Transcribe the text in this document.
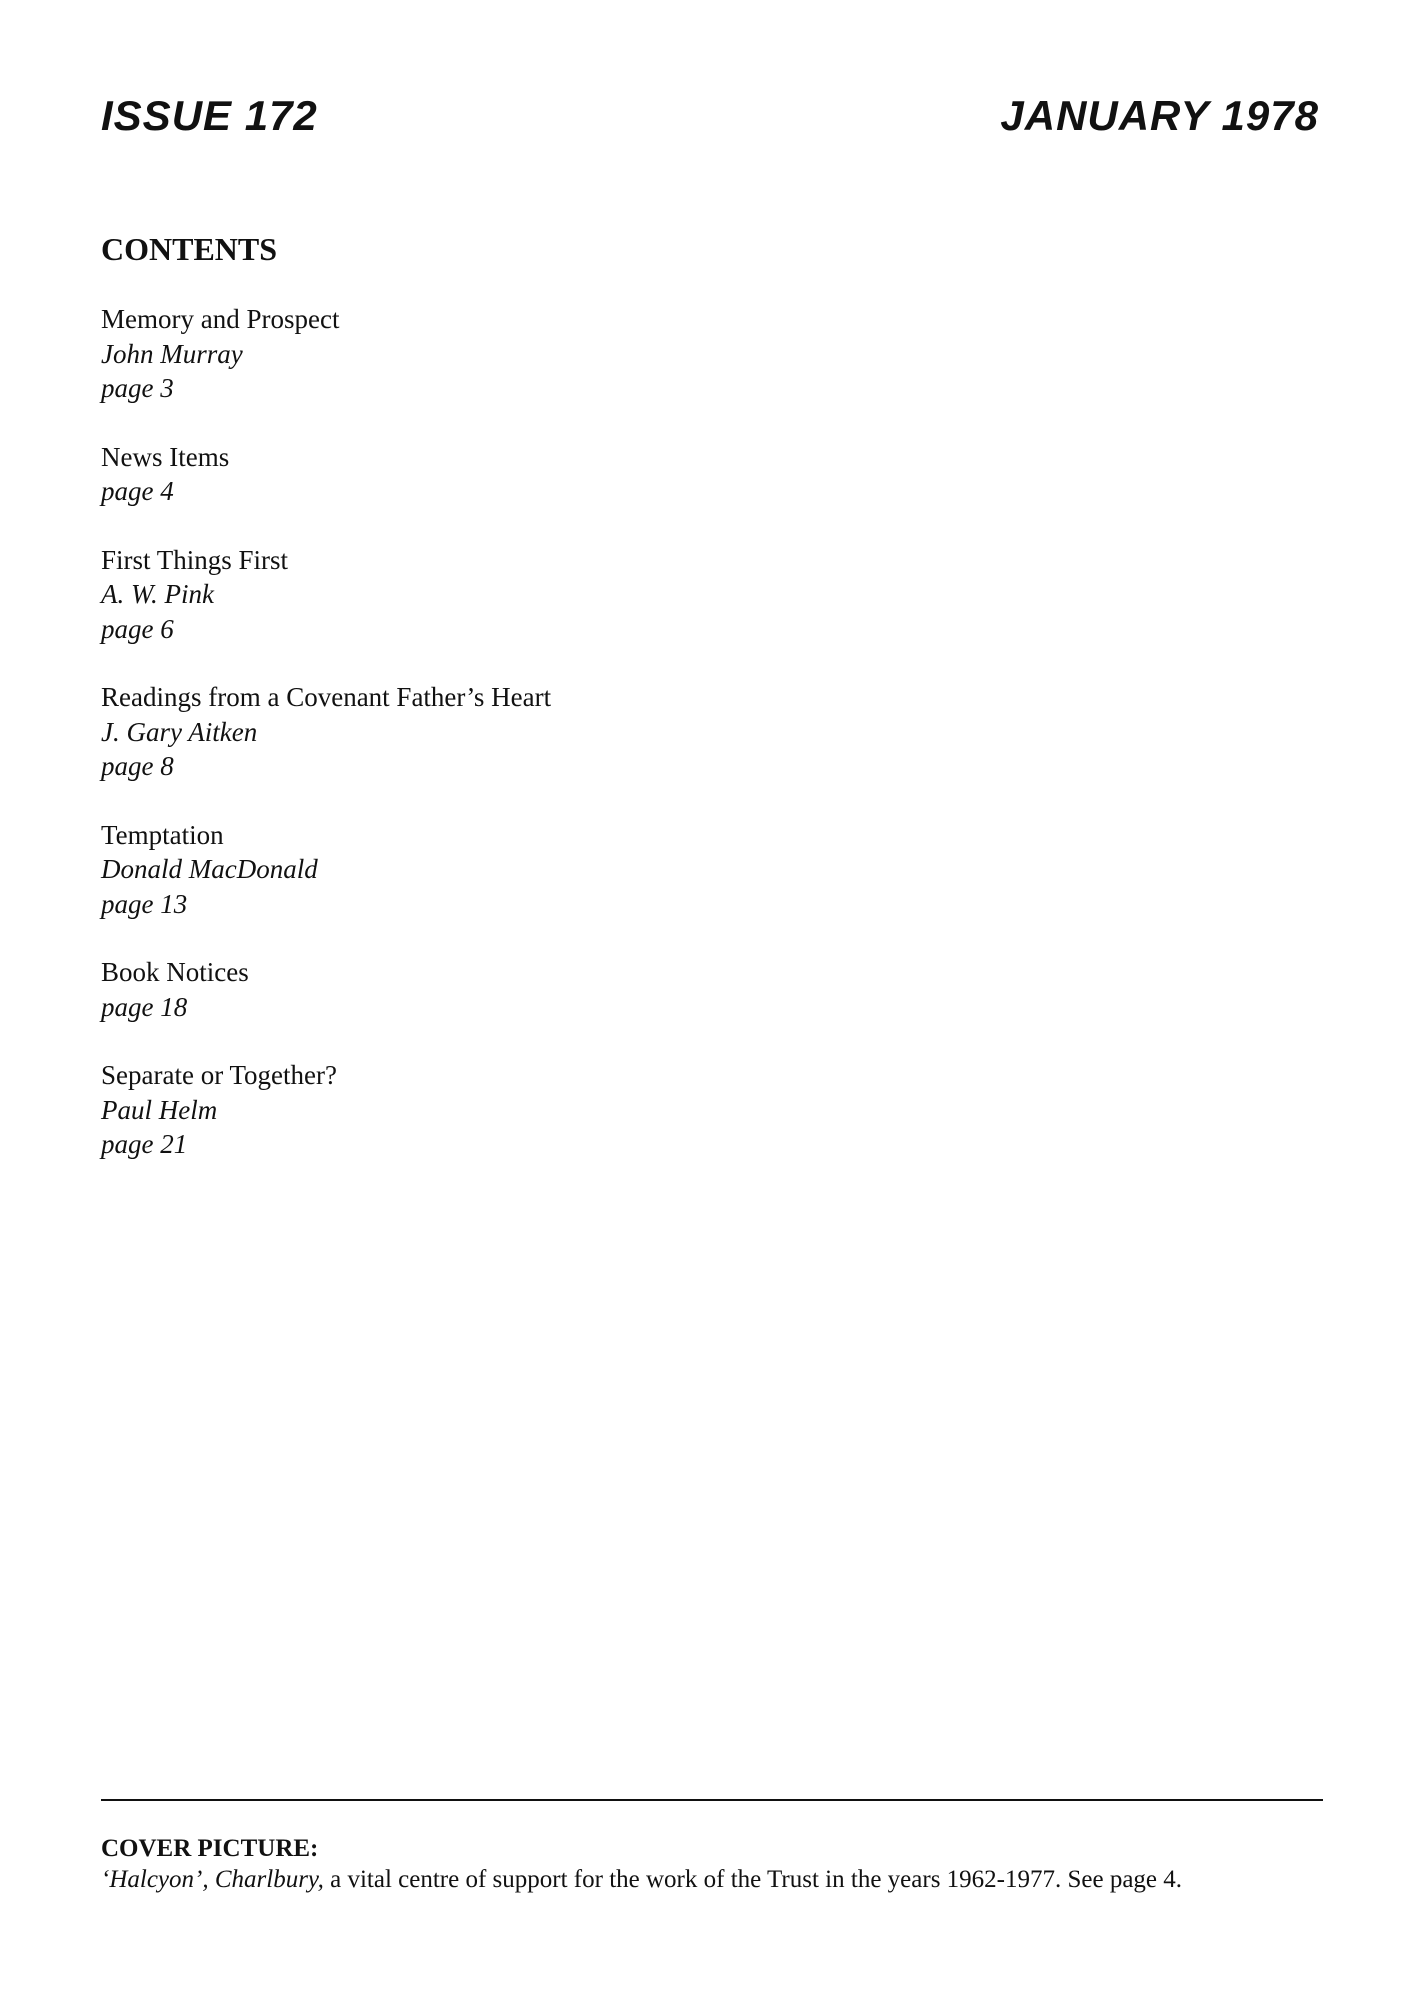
ISSUE 172	JANUARY 1978
CONTENTS
Memory and Prospect
John Murray
page 3
News Items
page 4
First Things First
A. W. Pink
page 6
Readings from a Covenant Father’s Heart
J. Gary Aitken
page 8
Temptation
Donald MacDonald
page 13
Book Notices
page 18
Separate or Together?
Paul Helm
page 21
COVER PICTURE:
‘Halcyon’, Charlbury, a vital centre of support for the work of the Trust in the years 1962-1977. See page 4.
